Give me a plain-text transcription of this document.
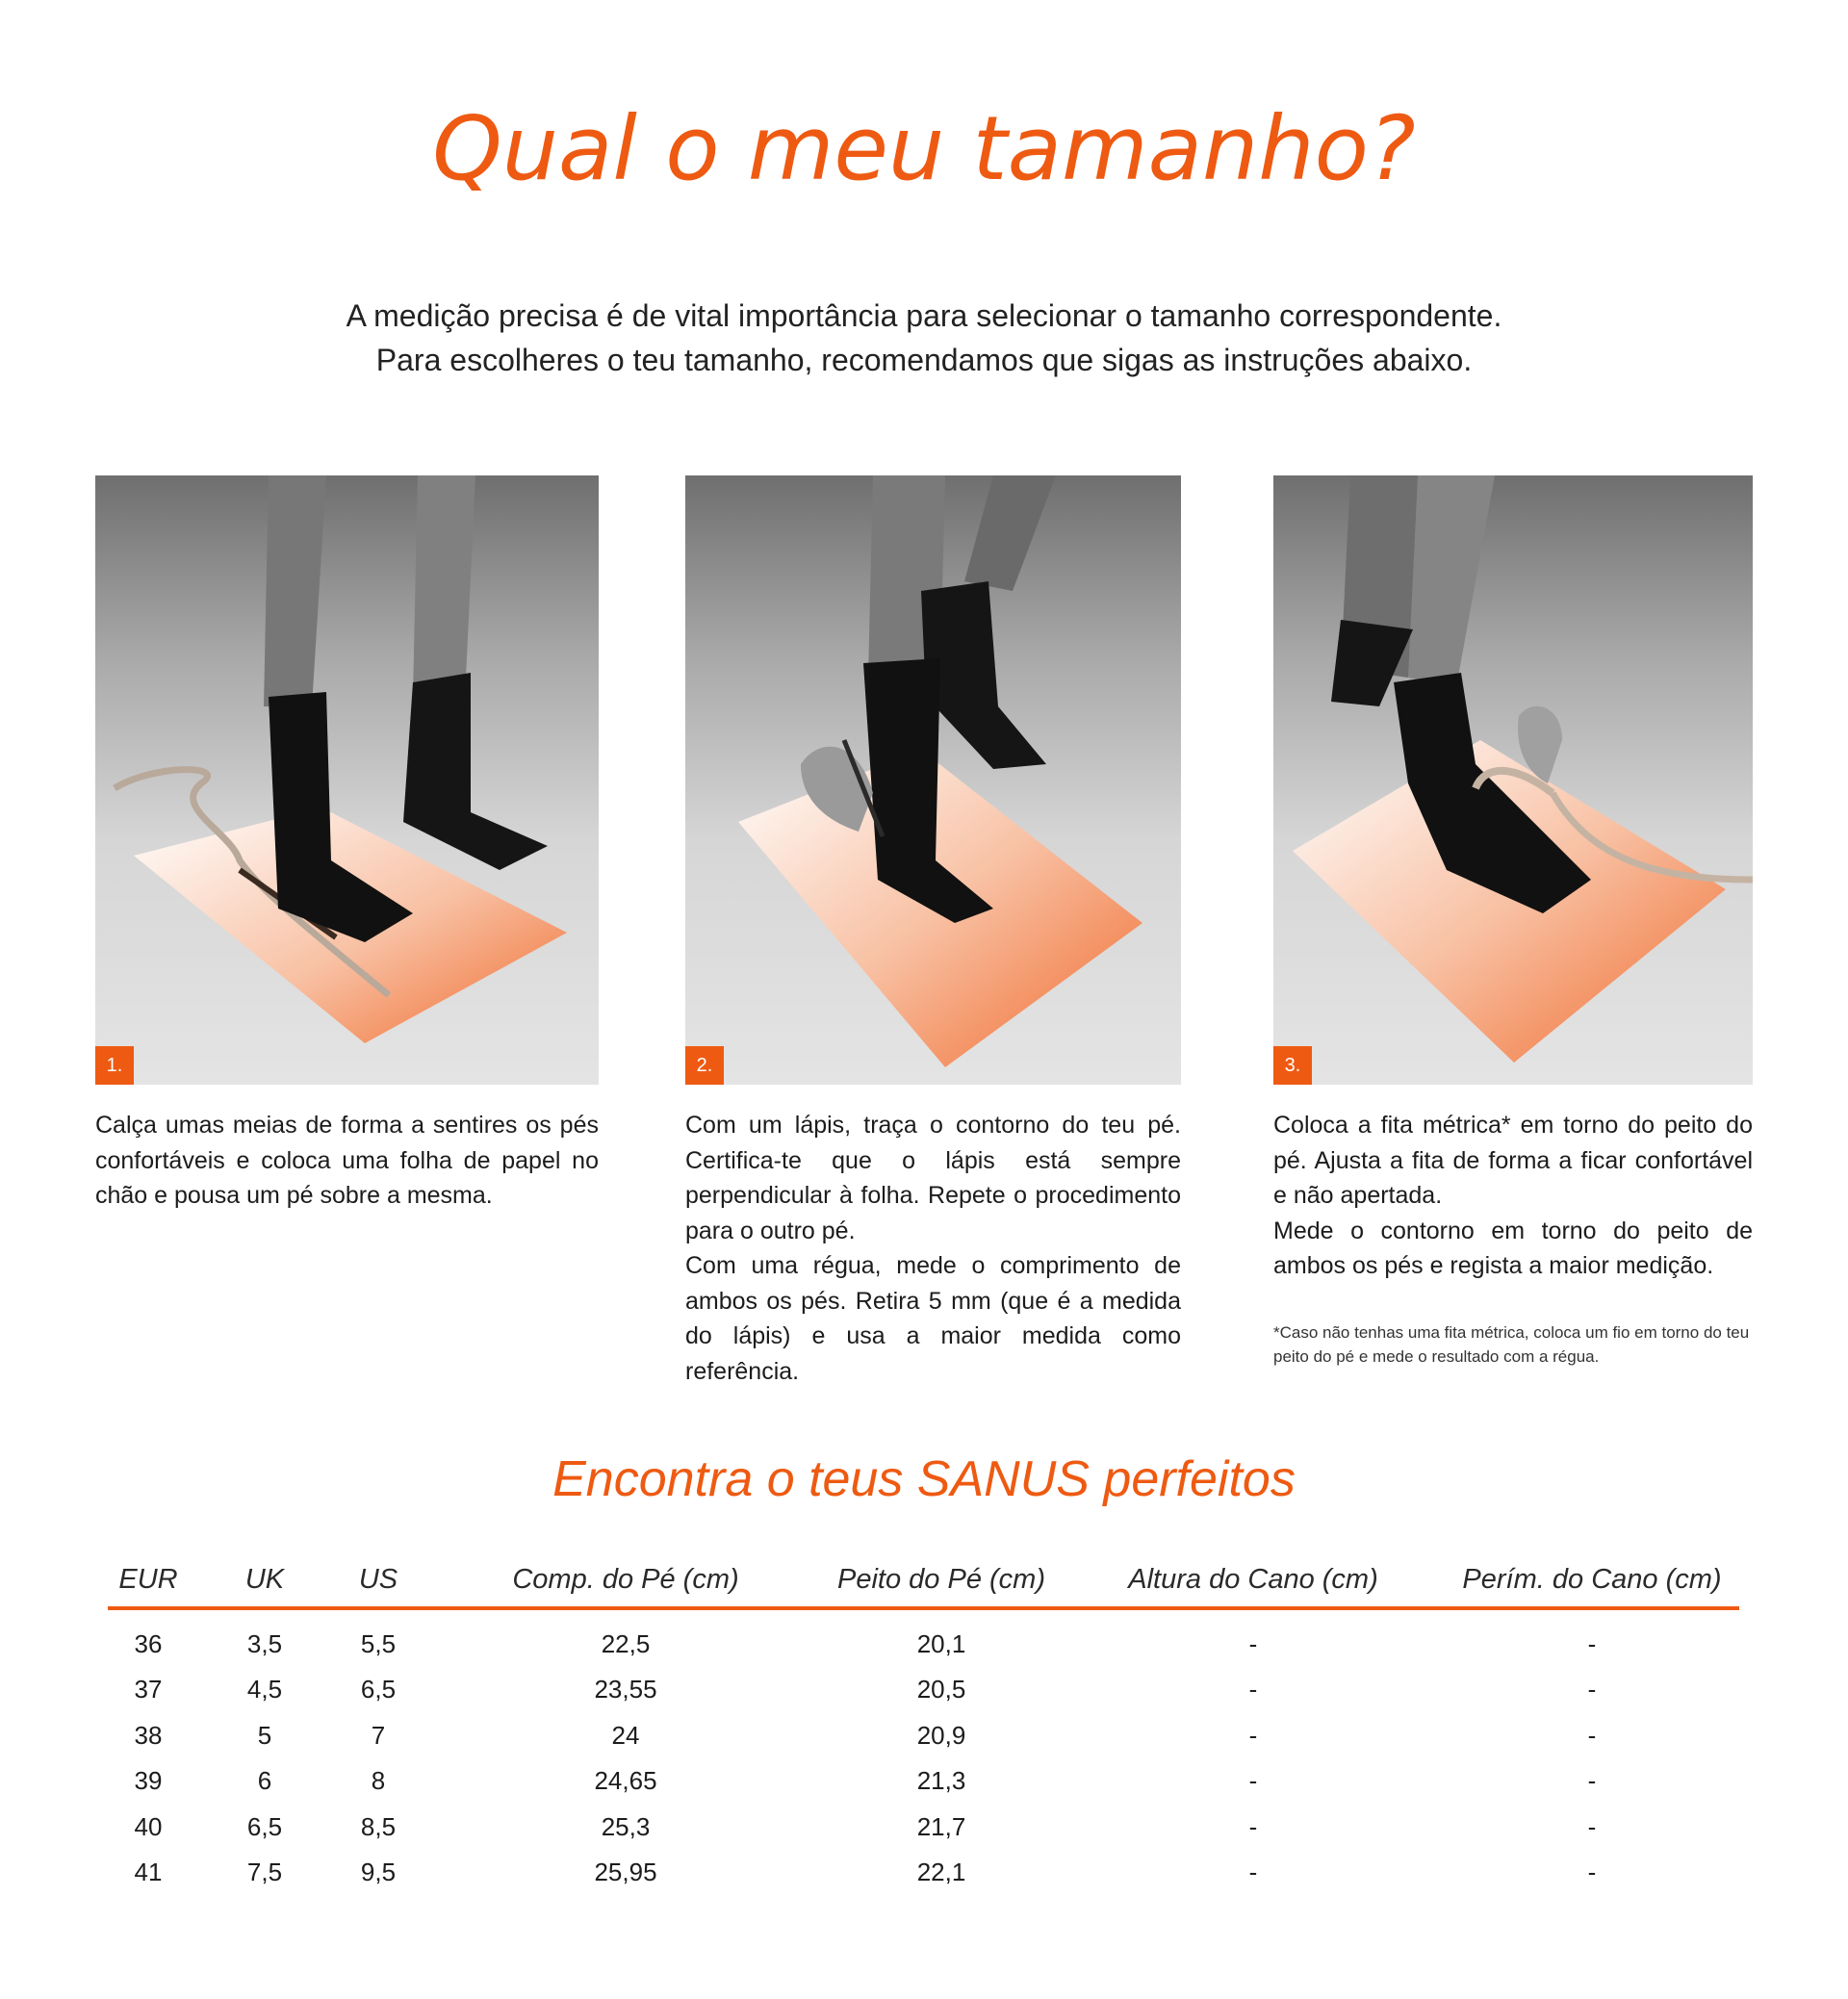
Qual o meu tamanho?
A medição precisa é de vital importância para selecionar o tamanho correspondente.
Para escolheres o teu tamanho, recomendamos que sigas as instruções abaixo.
1.

Calça umas meias de forma a sentires os pés confortáveis e coloca uma folha de papel no chão e pousa um pé sobre a mesma.

2.

Com um lápis, traça o contorno do teu pé. Certifica-te que o lápis está sempre perpendicular à folha. Repete o procedimento para o outro pé.

Com uma régua, mede o comprimento de ambos os pés. Retira 5 mm (que é a medida do lápis) e usa a maior medida como referência.

3.

Coloca a fita métrica* em torno do peito do pé. Ajusta a fita de forma a ficar confortável e não apertada.

Mede o contorno em torno do peito de ambos os pés e regista a maior medição.

*Caso não tenhas uma fita métrica, coloca um fio em torno do teu peito do pé e mede o resultado com a régua.
Encontra o teus SANUS perfeitos
EUR UK	US	Comp. do Pé (cm)	Peito do Pé (cm)	Altura do Cano (cm)	Perím. do Cano (cm)
36	3,5	5,5	22,5	20,1	-	-
37	4,5	6,5	23,55	20,5	-	-
38	5	7	24	20,9	-	-
39	6	8	24,65	21,3	-	-
40	6,5	8,5	25,3	21,7	-	-
41	7,5	9,5	25,95	22,1	-	-
